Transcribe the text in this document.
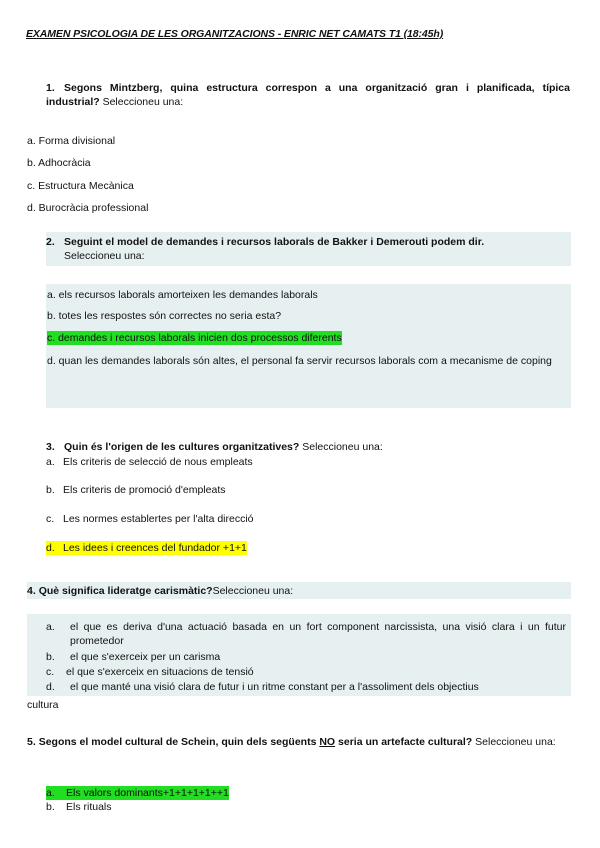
EXAMEN PSICOLOGIA DE LES ORGANITZACIONS - ENRIC NET CAMATS T1 (18:45h)
1. Segons Mintzberg, quina estructura correspon a una organització gran i planificada, típica industrial? Seleccioneu una:
a. Forma divisional
b. Adhocràcia
c. Estructura Mecànica
d. Burocràcia professional
2. Seguint el model de demandes i recursos laborals de Bakker i Demerouti podem dir.
Seleccioneu una:
a. els recursos laborals amorteixen les demandes laborals
b. totes les respostes són correctes no seria esta?
c. demandes i recursos laborals inicien dos processos diferents
d. quan les demandes laborals són altes, el personal fa servir recursos laborals com a mecanisme de coping
3. Quin és l'origen de les cultures organitzatives? Seleccioneu una:
a. Els criteris de selecció de nous empleats
b. Els criteris de promoció d'empleats
c. Les normes establertes per l'alta direcció
d. Les idees i creences del fundador +1+1
4. Què significa lideratge carismàtic?Seleccioneu una:
a. el que es deriva d'una actuació basada en un fort component narcissista, una visió clara i un futur prometedor
b. el que s'exerceix per un carisma
c. el que s'exerceix en situacions de tensió
d. el que manté una visió clara de futur i un ritme constant per a l'assoliment dels objectius
cultura
5. Segons el model cultural de Schein, quin dels següents NO seria un artefacte cultural? Seleccioneu una:
a. Els valors dominants+1+1+1+1++1
b. Els rituals
